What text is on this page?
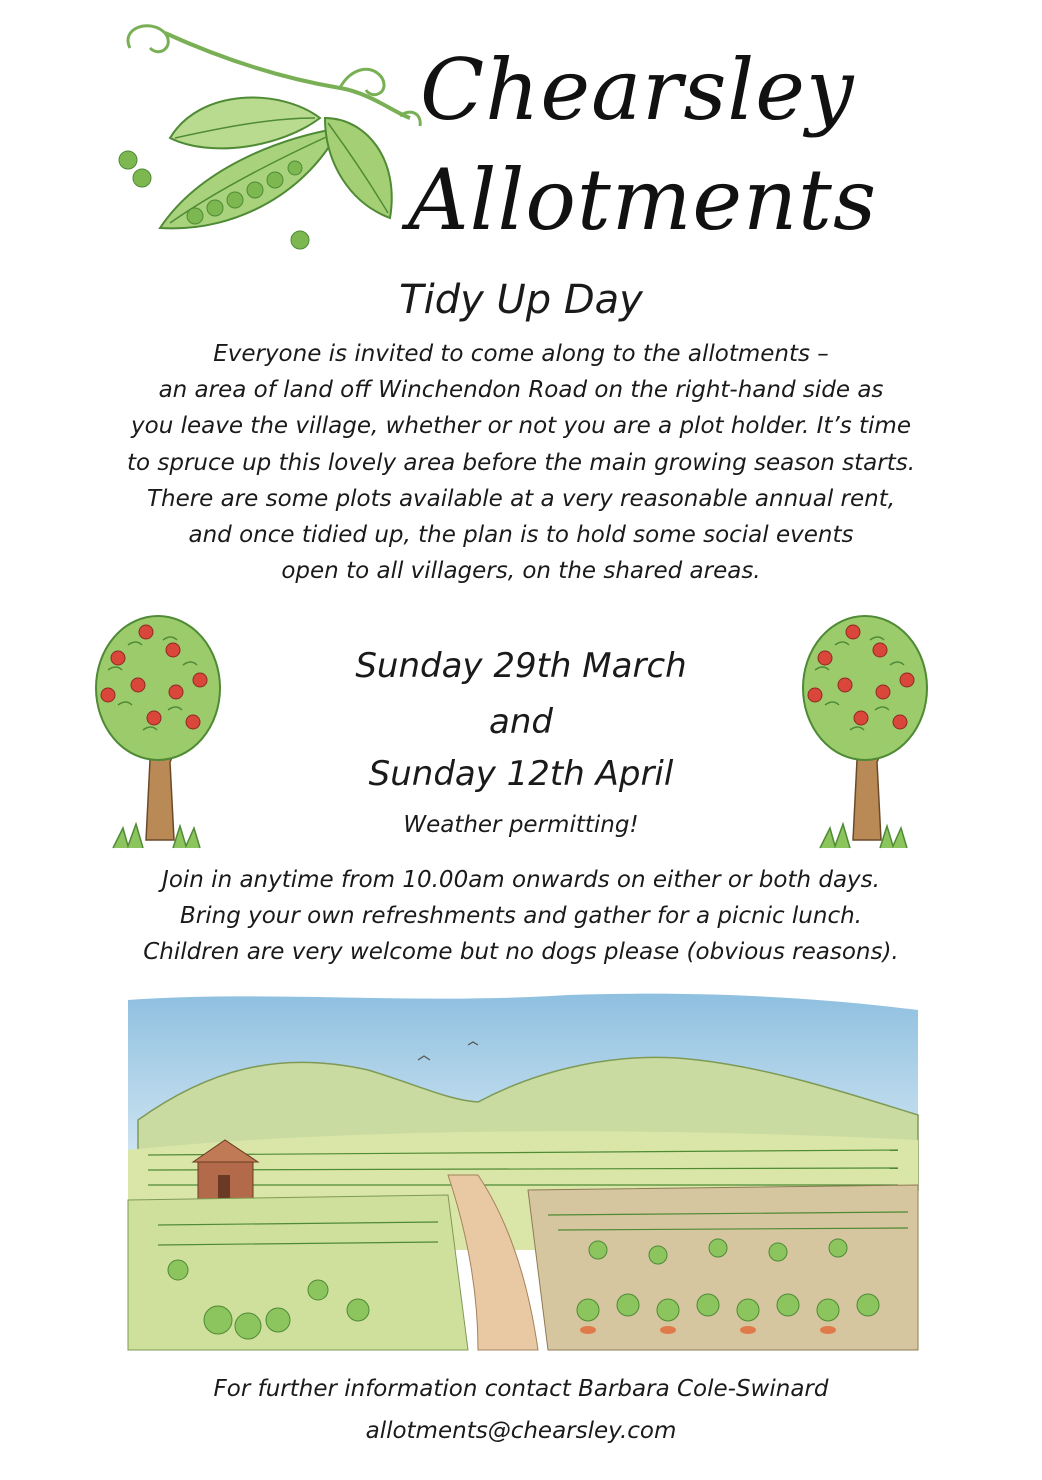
Chearsley
Allotments
Tidy Up Day
Everyone is invited to come along to the allotments –
an area of land off Winchendon Road on the right-hand side as
you leave the village, whether or not you are a plot holder. It’s time
to spruce up this lovely area before the main growing season starts.
There are some plots available at a very reasonable annual rent,
and once tidied up, the plan is to hold some social events
open to all villagers, on the shared areas.
Sunday 29th March
and
Sunday 12th April
Weather permitting!
Join in anytime from 10.00am onwards on either or both days.
Bring your own refreshments and gather for a picnic lunch.
Children are very welcome but no dogs please (obvious reasons).
For further information contact Barbara Cole-Swinard
allotments@chearsley.com
